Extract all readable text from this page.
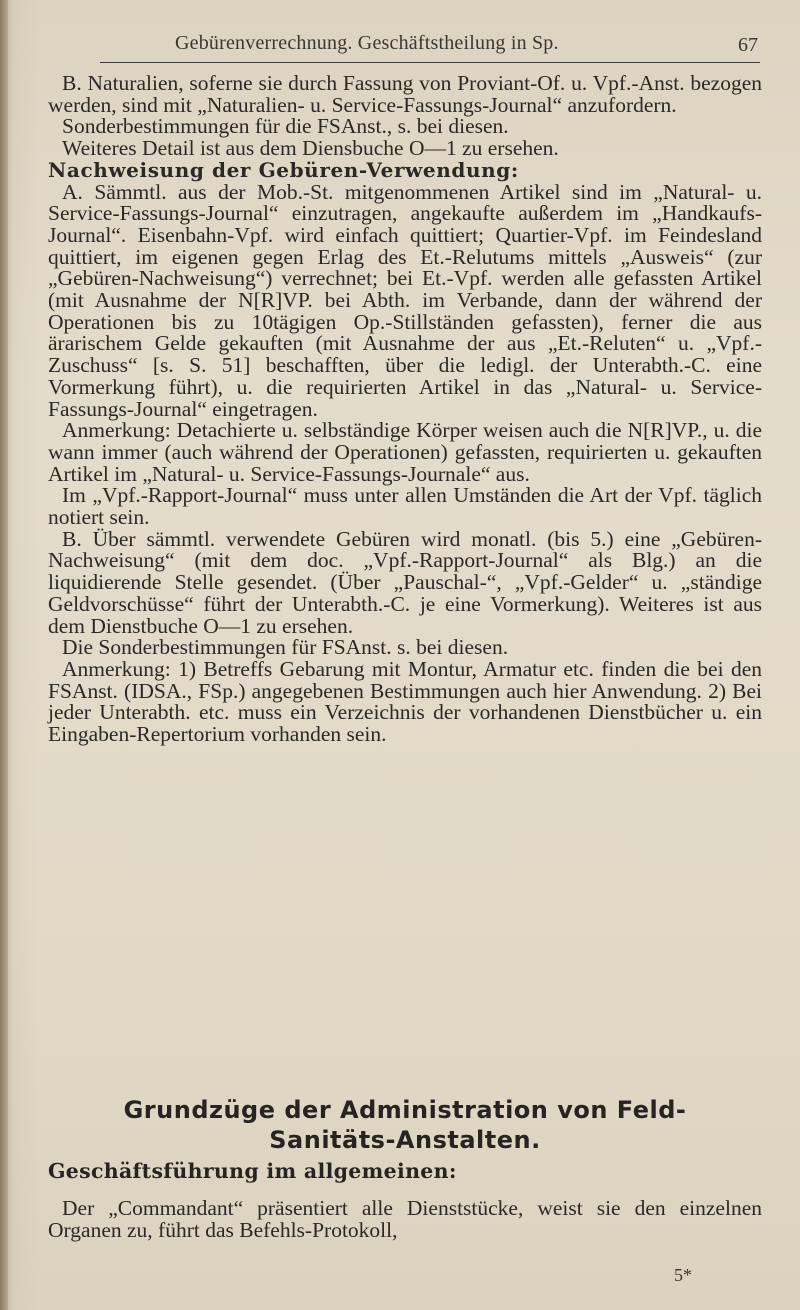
Gebürenverrechnung. Geschäftstheilung in Sp.	67

B. Naturalien, soferne sie durch Fassung von Proviant-Of. u. Vpf.-Anst. bezogen werden, sind mit „Naturalien- u. Service-Fassungs-Journal“ anzufordern.

Sonderbestimmungen für die FSAnst., s. bei diesen.

Weiteres Detail ist aus dem Diensbuche O—1 zu ersehen.

Nachweisung der Gebüren-Verwendung:

A. Sämmtl. aus der Mob.-St. mitgenommenen Artikel sind im „Natural- u. Service-Fassungs-Journal“ einzutragen, angekaufte außerdem im „Handkaufs-Journal“. Eisenbahn-Vpf. wird einfach quittiert; Quartier-Vpf. im Feindesland quittiert, im eigenen gegen Erlag des Et.-Relutums mittels „Ausweis“ (zur „Gebüren-Nachweisung“) verrechnet; bei Et.-Vpf. werden alle gefassten Artikel (mit Ausnahme der N[R]VP. bei Abth. im Verbande, dann der während der Operationen bis zu 10tägigen Op.-Stillständen gefassten), ferner die aus ärarischem Gelde gekauften (mit Ausnahme der aus „Et.-Reluten“ u. „Vpf.-Zuschuss“ [s. S. 51] beschafften, über die ledigl. der Unterabth.-C. eine Vormerkung führt), u. die requirierten Artikel in das „Natural- u. Service-Fassungs-Journal“ eingetragen.

Anmerkung: Detachierte u. selbständige Körper weisen auch die N[R]VP., u. die wann immer (auch während der Operationen) gefassten, requirierten u. gekauften Artikel im „Natural- u. Service-Fassungs-Journale“ aus.

Im „Vpf.-Rapport-Journal“ muss unter allen Umständen die Art der Vpf. täglich notiert sein.

B. Über sämmtl. verwendete Gebüren wird monatl. (bis 5.) eine „Gebüren-Nachweisung“ (mit dem doc. „Vpf.-Rapport-Journal“ als Blg.) an die liquidierende Stelle gesendet. (Über „Pauschal-“, „Vpf.-Gelder“ u. „ständige Geldvorschüsse“ führt der Unterabth.-C. je eine Vormerkung). Weiteres ist aus dem Dienstbuche O—1 zu ersehen.

Die Sonderbestimmungen für FSAnst. s. bei diesen.

Anmerkung: 1) Betreffs Gebarung mit Montur, Armatur etc. finden die bei den FSAnst. (IDSA., FSp.) angegebenen Bestimmungen auch hier Anwendung. 2) Bei jeder Unterabth. etc. muss ein Verzeichnis der vorhandenen Dienstbücher u. ein Eingaben-Repertorium vorhanden sein.

Grundzüge der Administration von Feld-
Sanitäts-Anstalten.
Geschäftsführung im allgemeinen:

Der „Commandant“ präsentiert alle Dienststücke, weist sie den einzelnen Organen zu, führt das Befehls-Protokoll,

5*
